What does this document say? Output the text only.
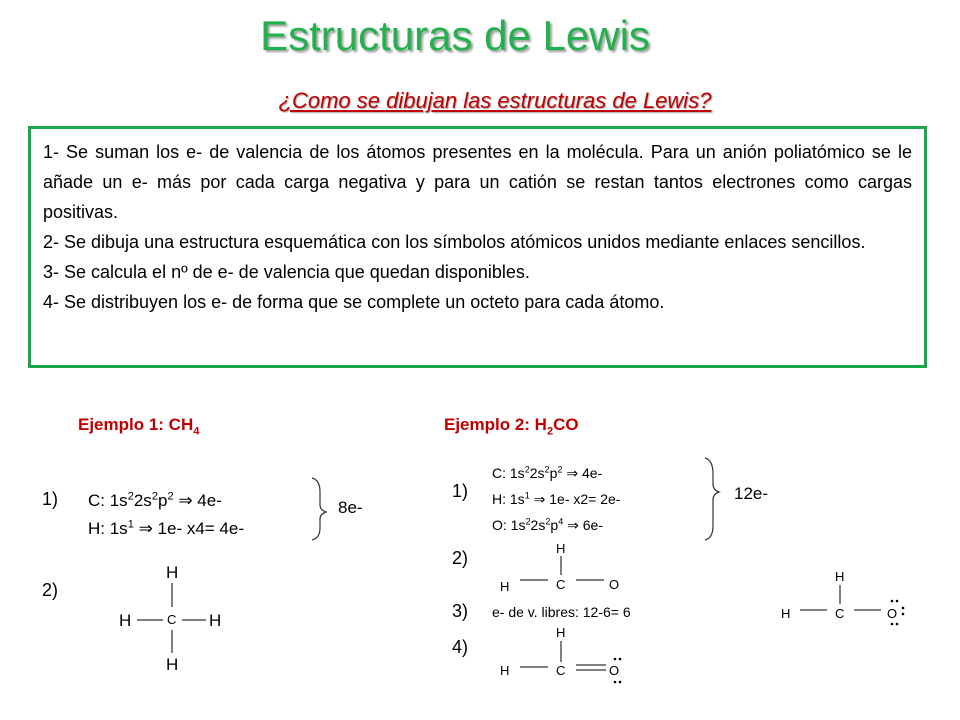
Estructuras de Lewis
¿Como se dibujan las estructuras de Lewis?
1- Se suman los e- de valencia de los átomos presentes en la molécula. Para un anión poliatómico se le añade un e- más por cada carga negativa y para un catión se restan tantos electrones como cargas positivas.
2- Se dibuja una estructura esquemática con los símbolos atómicos unidos mediante enlaces sencillos.
3- Se calcula el nº de e- de valencia que quedan disponibles.
4- Se distribuyen los e- de forma que se complete un octeto para cada átomo.
Ejemplo 1: $CH_4$
1) C: $1s^22s^2p^2$ ⇒ 4e-
H: $1s^1$ ⇒ 1e- x4= 4e-
8e-
2)
Ejemplo 2: $H_2CO$
1)
C: $1s^22s^2p^2$ ⇒ 4e-
H: $1s^1$ ⇒ 1e- x2= 2e-
O: $1s^22s^2p^4$ ⇒ 6e-
12e-
2)
3) e- de v. libres: 12-6= 6
4)
H
H	C H
H
H
H	C	O
H
H	C	O
H
H	C	O
